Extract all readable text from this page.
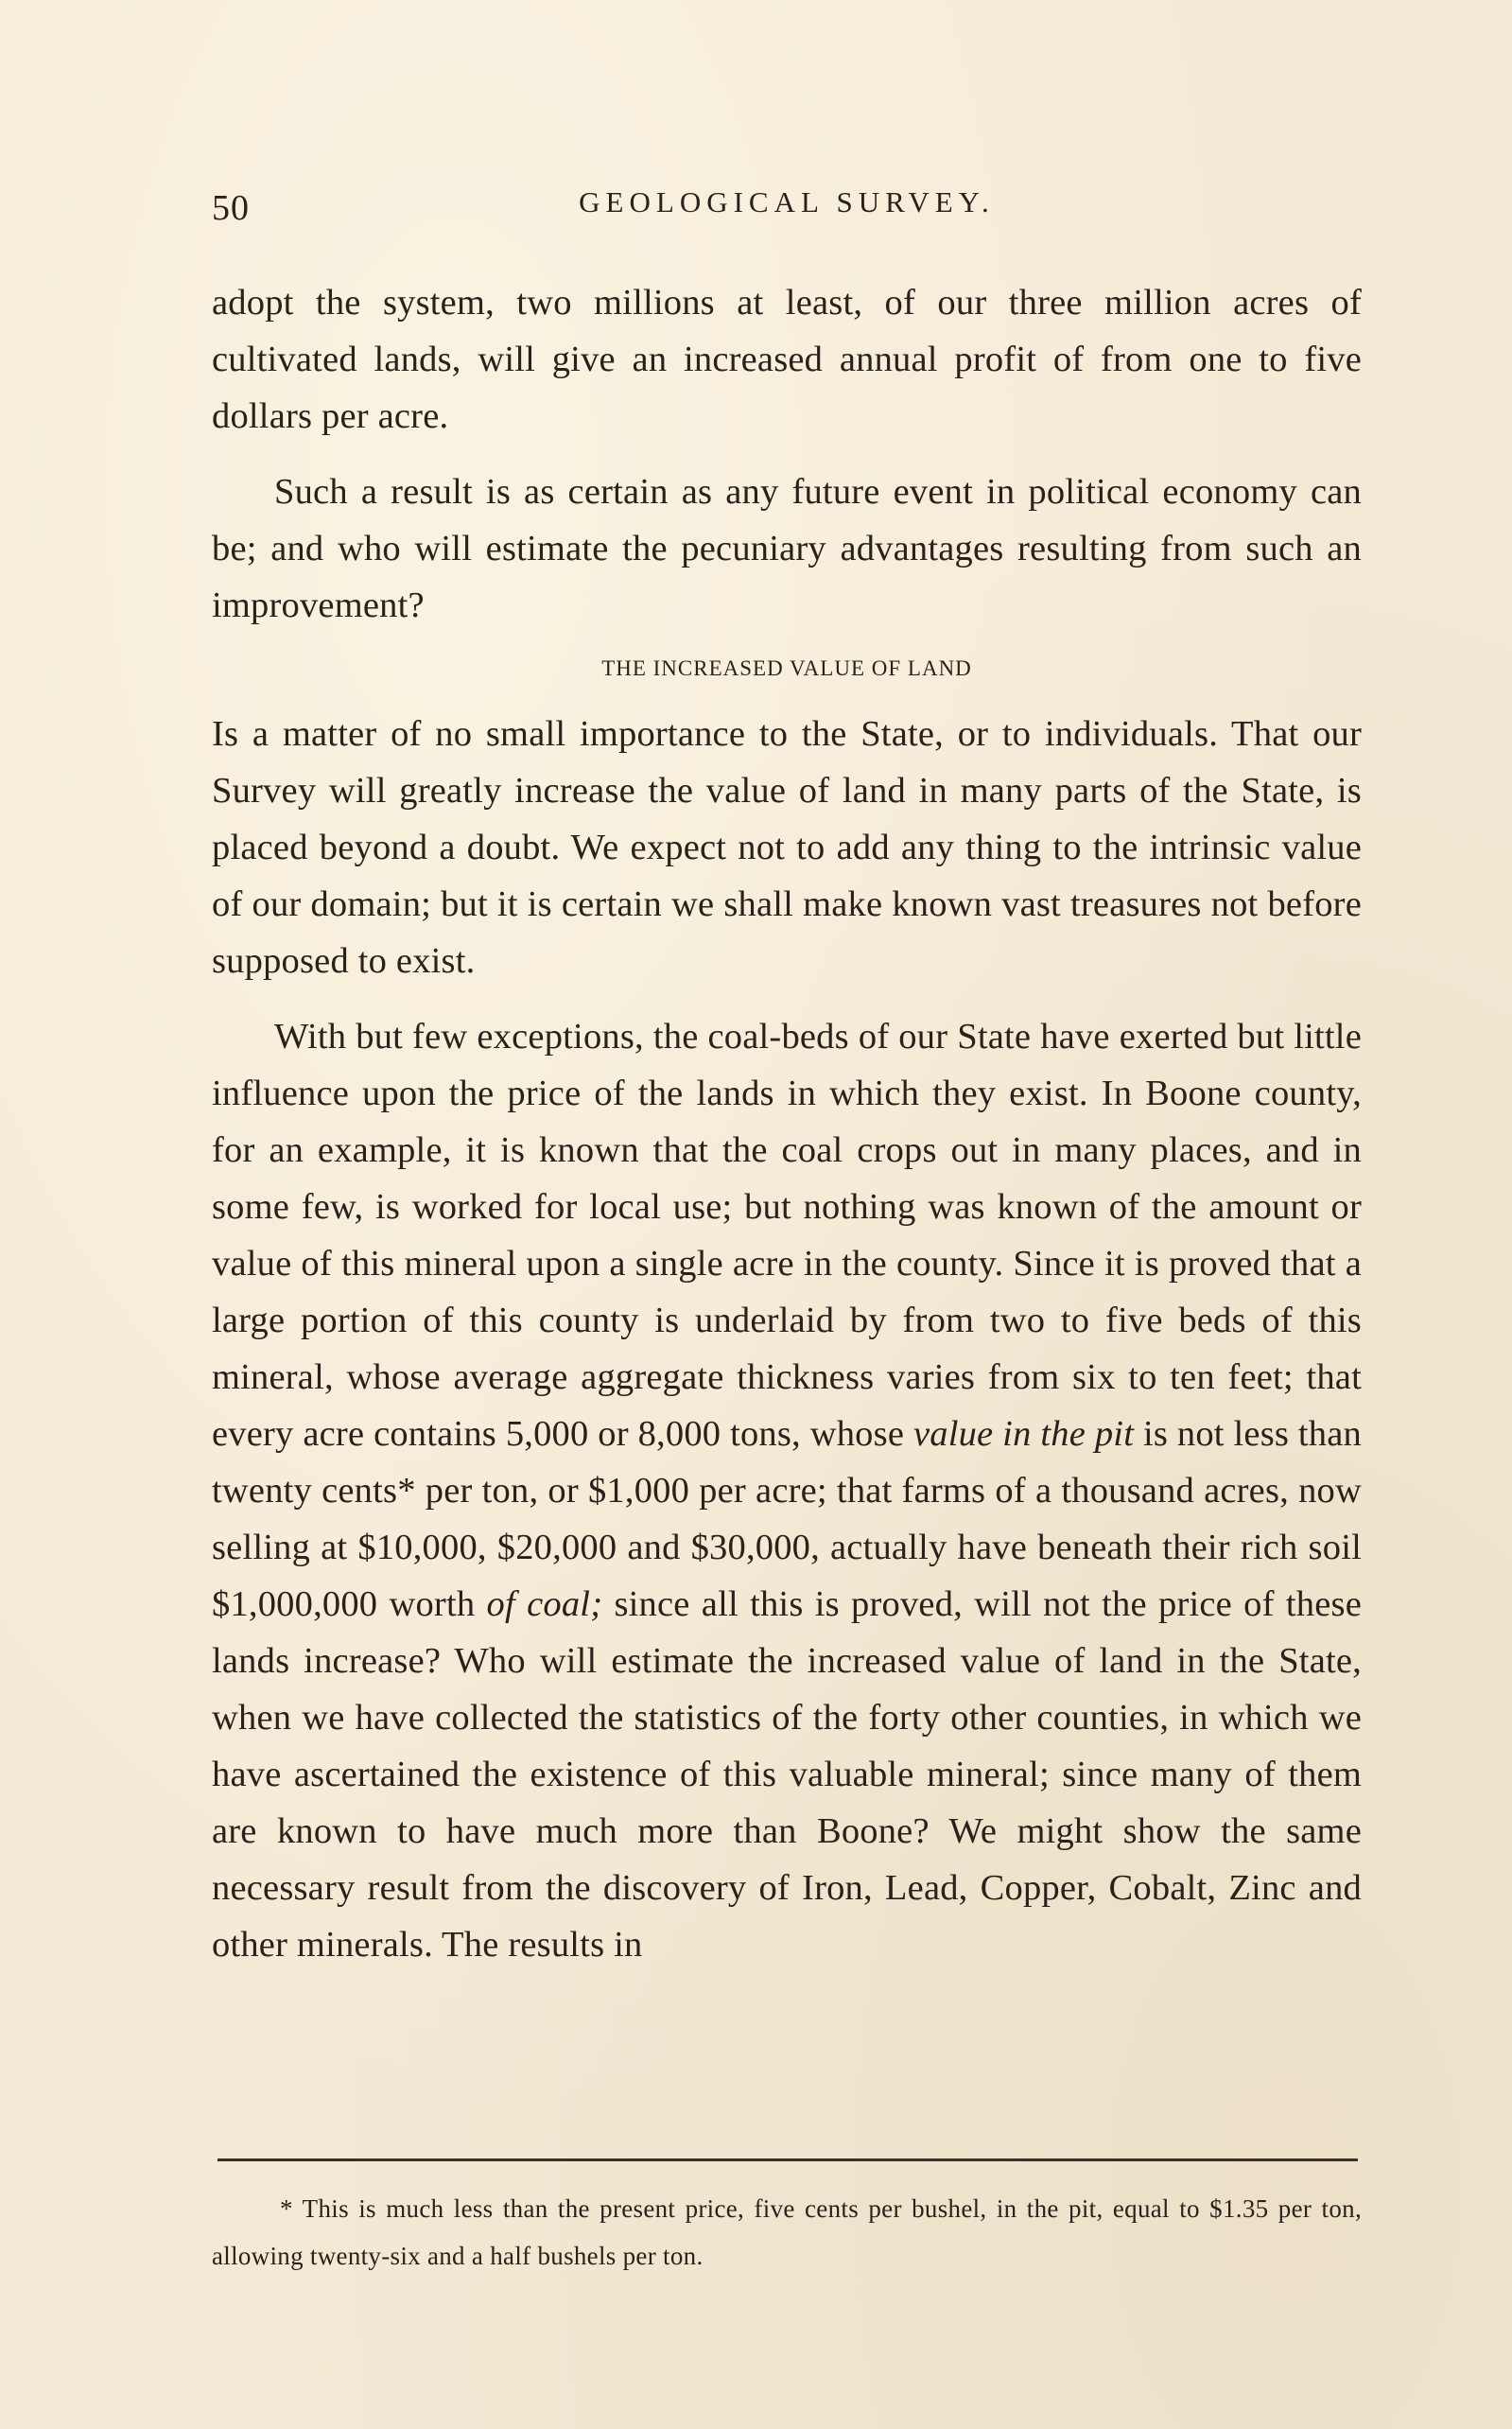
50	GEOLOGICAL SURVEY.

adopt the system, two millions at least, of our three million acres of cultivated lands, will give an increased annual profit of from one to five dollars per acre.

Such a result is as certain as any future event in political economy can be; and who will estimate the pecuniary advantages resulting from such an improvement?

THE INCREASED VALUE OF LAND

Is a matter of no small importance to the State, or to individuals. That our Survey will greatly increase the value of land in many parts of the State, is placed beyond a doubt. We expect not to add any thing to the intrinsic value of our domain; but it is certain we shall make known vast treasures not before supposed to exist.

With but few exceptions, the coal-beds of our State have exerted but little influence upon the price of the lands in which they exist. In Boone county, for an example, it is known that the coal crops out in many places, and in some few, is worked for local use; but nothing was known of the amount or value of this mineral upon a single acre in the county. Since it is proved that a large portion of this county is underlaid by from two to five beds of this mineral, whose average aggregate thickness varies from six to ten feet; that every acre contains 5,000 or 8,000 tons, whose value in the pit is not less than twenty cents* per ton, or $1,000 per acre; that farms of a thousand acres, now selling at $10,000, $20,000 and $30,000, actually have beneath their rich soil $1,000,000 worth of coal; since all this is proved, will not the price of these lands increase? Who will estimate the increased value of land in the State, when we have collected the statistics of the forty other counties, in which we have ascertained the existence of this valuable mineral; since many of them are known to have much more than Boone? We might show the same necessary result from the discovery of Iron, Lead, Copper, Cobalt, Zinc and other minerals. The results in

* This is much less than the present price, five cents per bushel, in the pit, equal to $1.35 per ton, allowing twenty-six and a half bushels per ton.
